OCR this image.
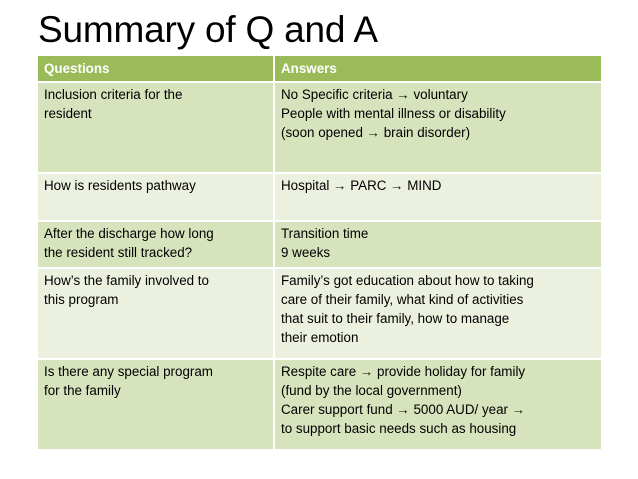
Summary of Q and A
Questions	Answers

Inclusion criteria for the
resident	No Specific criteria → voluntary
People with mental illness or disability
(soon opened → brain disorder)

How is residents pathway	Hospital → PARC → MIND

After the discharge how long
the resident still tracked?	Transition time
9 weeks

How’s the family involved to
this program	Family’s got education about how to taking
care of their family, what kind of activities
that suit to their family, how to manage
their emotion

Is there any special program
for the family	Respite care → provide holiday for family
(fund by the local government)
Carer support fund → 5000 AUD/ year →
to support basic needs such as housing
